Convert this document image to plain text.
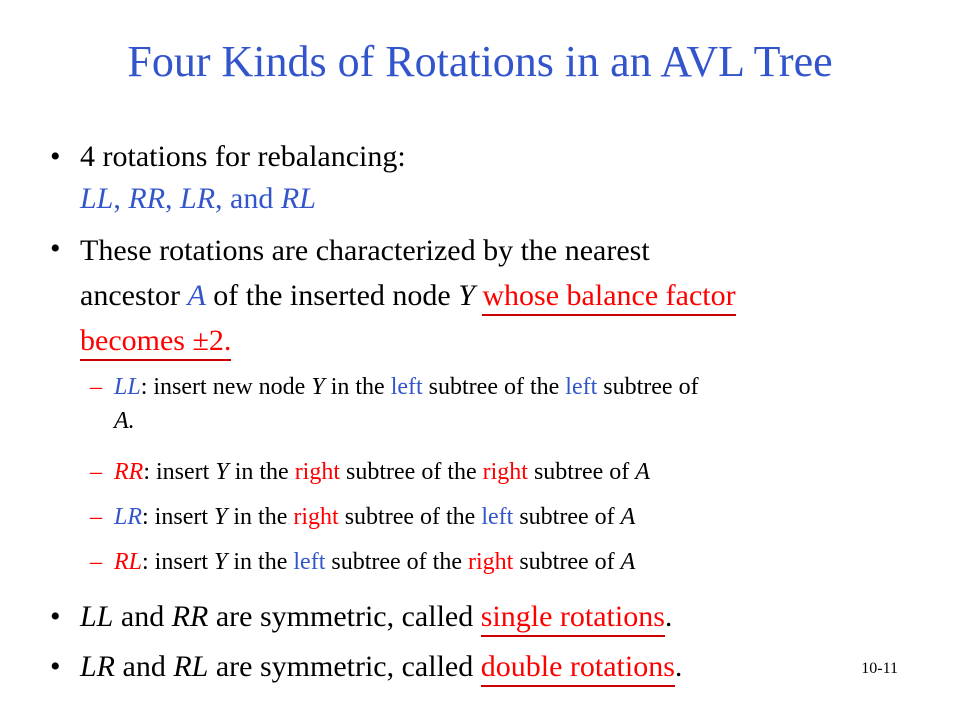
Four Kinds of Rotations in an AVL Tree
• 4 rotations for rebalancing:
LL, RR, LR, and RL
• These rotations are characterized by the nearest
ancestor A of the inserted node Y whose balance factor
becomes ±2.
– LL: insert new node Y in the left subtree of the left subtree of
A.
– RR: insert Y in the right subtree of the right subtree of A
– LR: insert Y in the right subtree of the left subtree of A
– RL: insert Y in the left subtree of the right subtree of A
• LL and RR are symmetric, called single rotations.
• LR and RL are symmetric, called double rotations.	10-11
